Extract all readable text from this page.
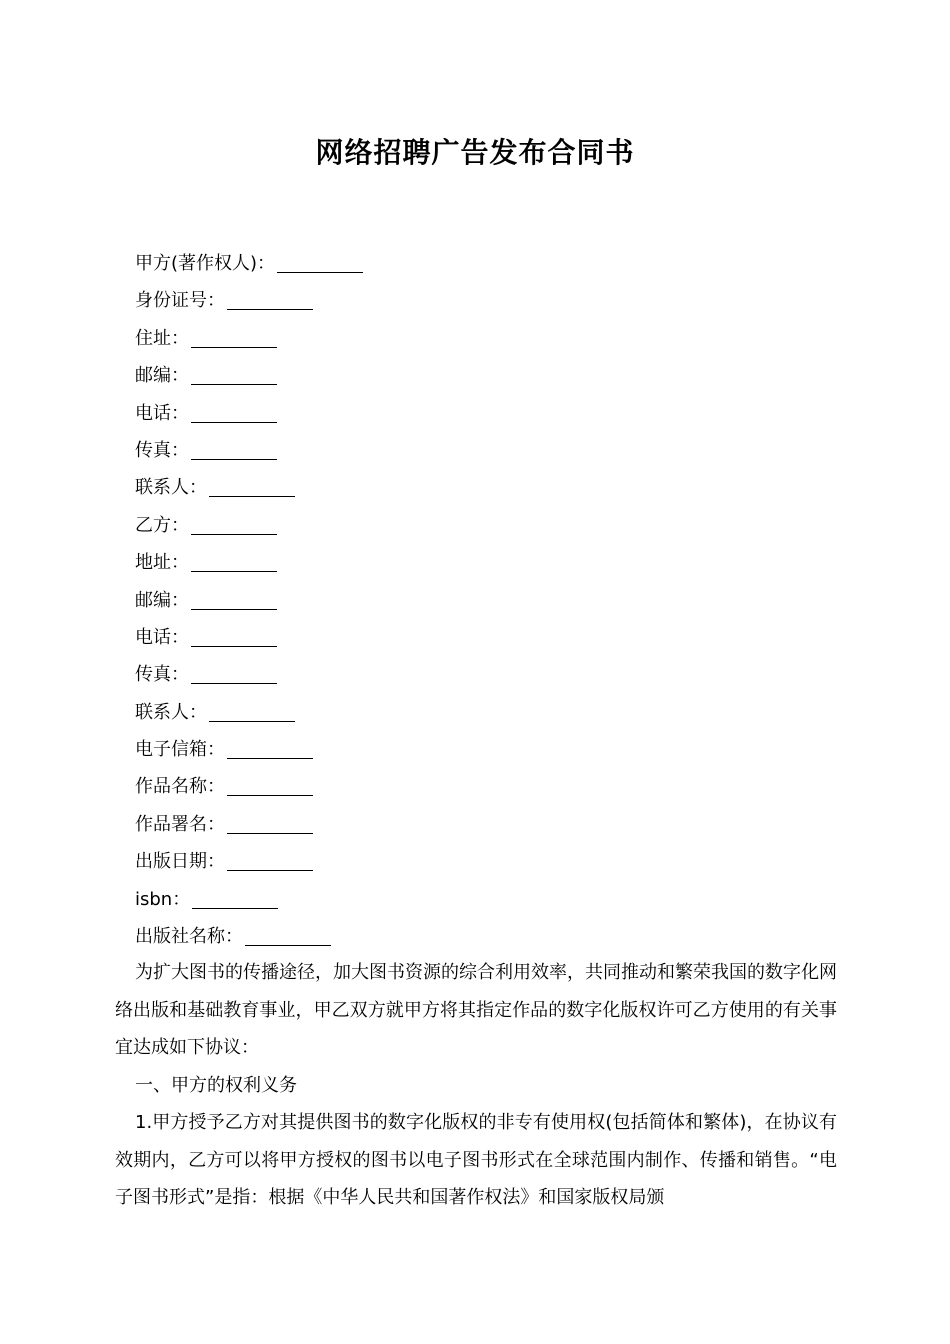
网络招聘广告发布合同书
甲方(著作权人)：
身份证号：
住址：
邮编：
电话：
传真：
联系人：
乙方：
地址：
邮编：
电话：
传真：
联系人：
电子信箱：
作品名称：
作品署名：
出版日期：
isbn：
出版社名称：

为扩大图书的传播途径，加大图书资源的综合利用效率，共同推动和繁荣我国的数字化网络出版和基础教育事业，甲乙双方就甲方将其指定作品的数字化版权许可乙方使用的有关事宜达成如下协议：

一、甲方的权利义务

1.甲方授予乙方对其提供图书的数字化版权的非专有使用权(包括简体和繁体)，在协议有效期内，乙方可以将甲方授权的图书以电子图书形式在全球范围内制作、传播和销售。“电子图书形式”是指：根据《中华人民共和国著作权法》和国家版权局颁
